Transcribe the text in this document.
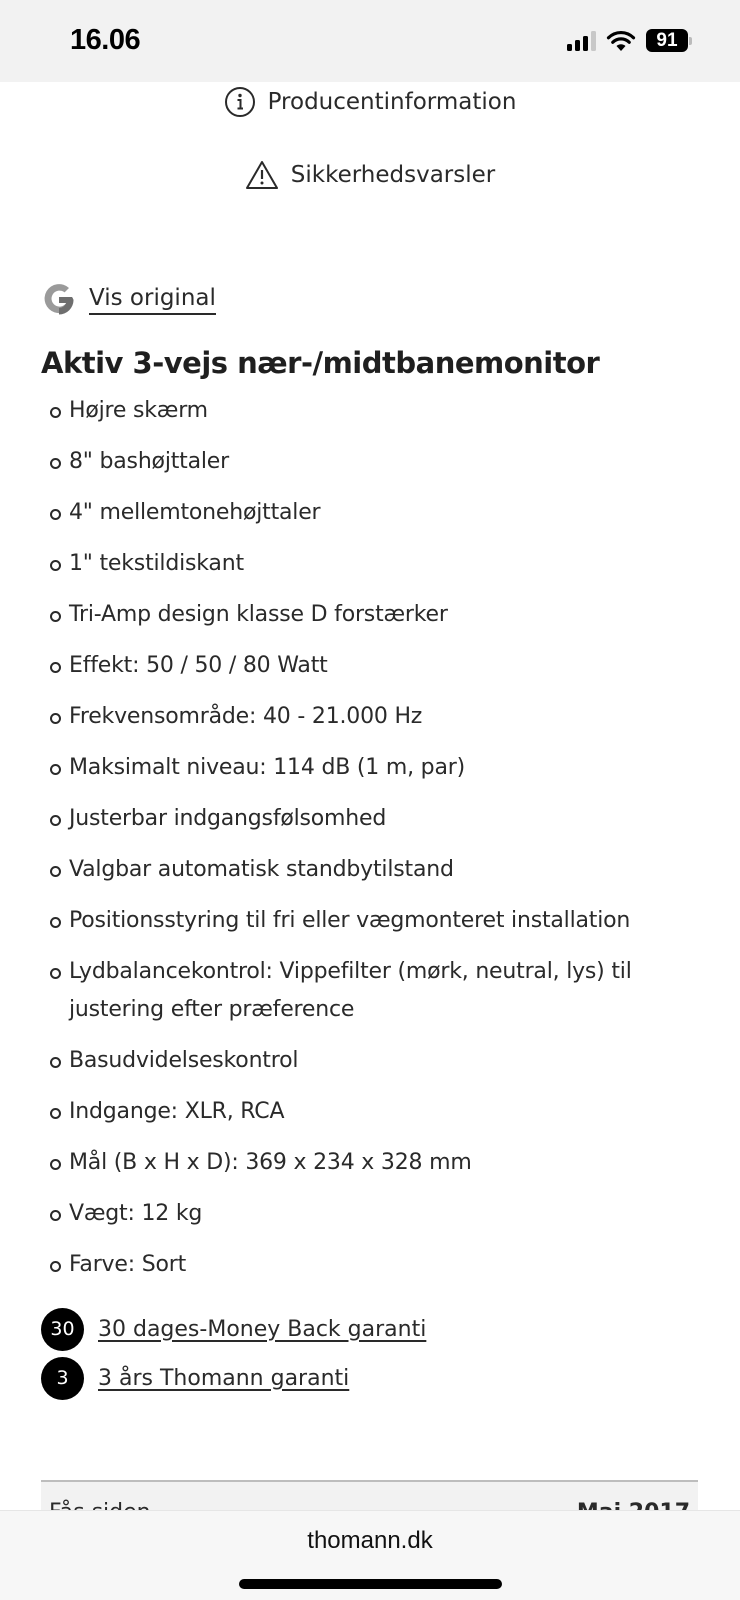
16.06	91
Producentinformation
Sikkerhedsvarsler
Vis original
Aktiv 3-vejs nær-/midtbanemonitor
Højre skærm
8" bashøjttaler
4" mellemtonehøjttaler
1" tekstildiskant
Tri-Amp design klasse D forstærker
Effekt: 50 / 50 / 80 Watt
Frekvensområde: 40 - 21.000 Hz
Maksimalt niveau: 114 dB (1 m, par)
Justerbar indgangsfølsomhed
Valgbar automatisk standbytilstand
Positionsstyring til fri eller vægmonteret installation
Lydbalancekontrol: Vippefilter (mørk, neutral, lys) til justering efter præference
Basudvidelseskontrol
Indgange: XLR, RCA
Mål (B x H x D): 369 x 234 x 328 mm
Vægt: 12 kg
Farve: Sort
30	30 dages-Money Back garanti
3	3 års Thomann garanti
thomann.dk
